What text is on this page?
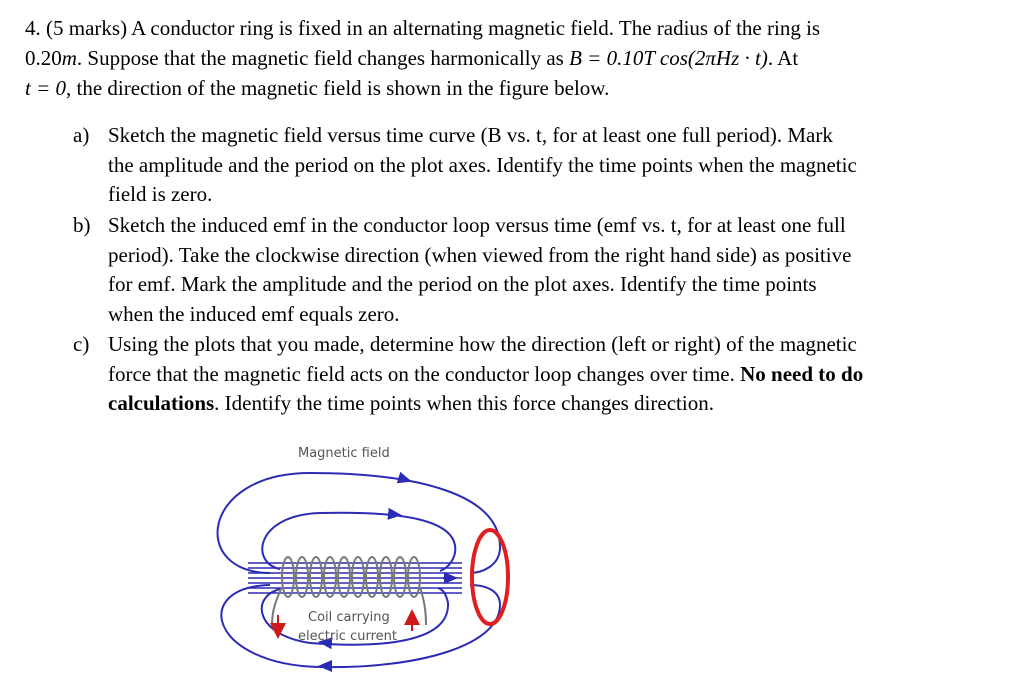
4. (5 marks) A conductor ring is fixed in an alternating magnetic field. The radius of the ring is
0.20m. Suppose that the magnetic field changes harmonically as B = 0.10T cos(2πHz · t). At
t = 0, the direction of the magnetic field is shown in the figure below.
a) Sketch the magnetic field versus time curve (B vs. t, for at least one full period). Mark
the amplitude and the period on the plot axes. Identify the time points when the magnetic
field is zero.
b) Sketch the induced emf in the conductor loop versus time (emf vs. t, for at least one full
period). Take the clockwise direction (when viewed from the right hand side) as positive
for emf. Mark the amplitude and the period on the plot axes. Identify the time points
when the induced emf equals zero.
c) Using the plots that you made, determine how the direction (left or right) of the magnetic
force that the magnetic field acts on the conductor loop changes over time. No need to do
calculations. Identify the time points when this force changes direction.
Magnetic field
Coil carrying
electric current
